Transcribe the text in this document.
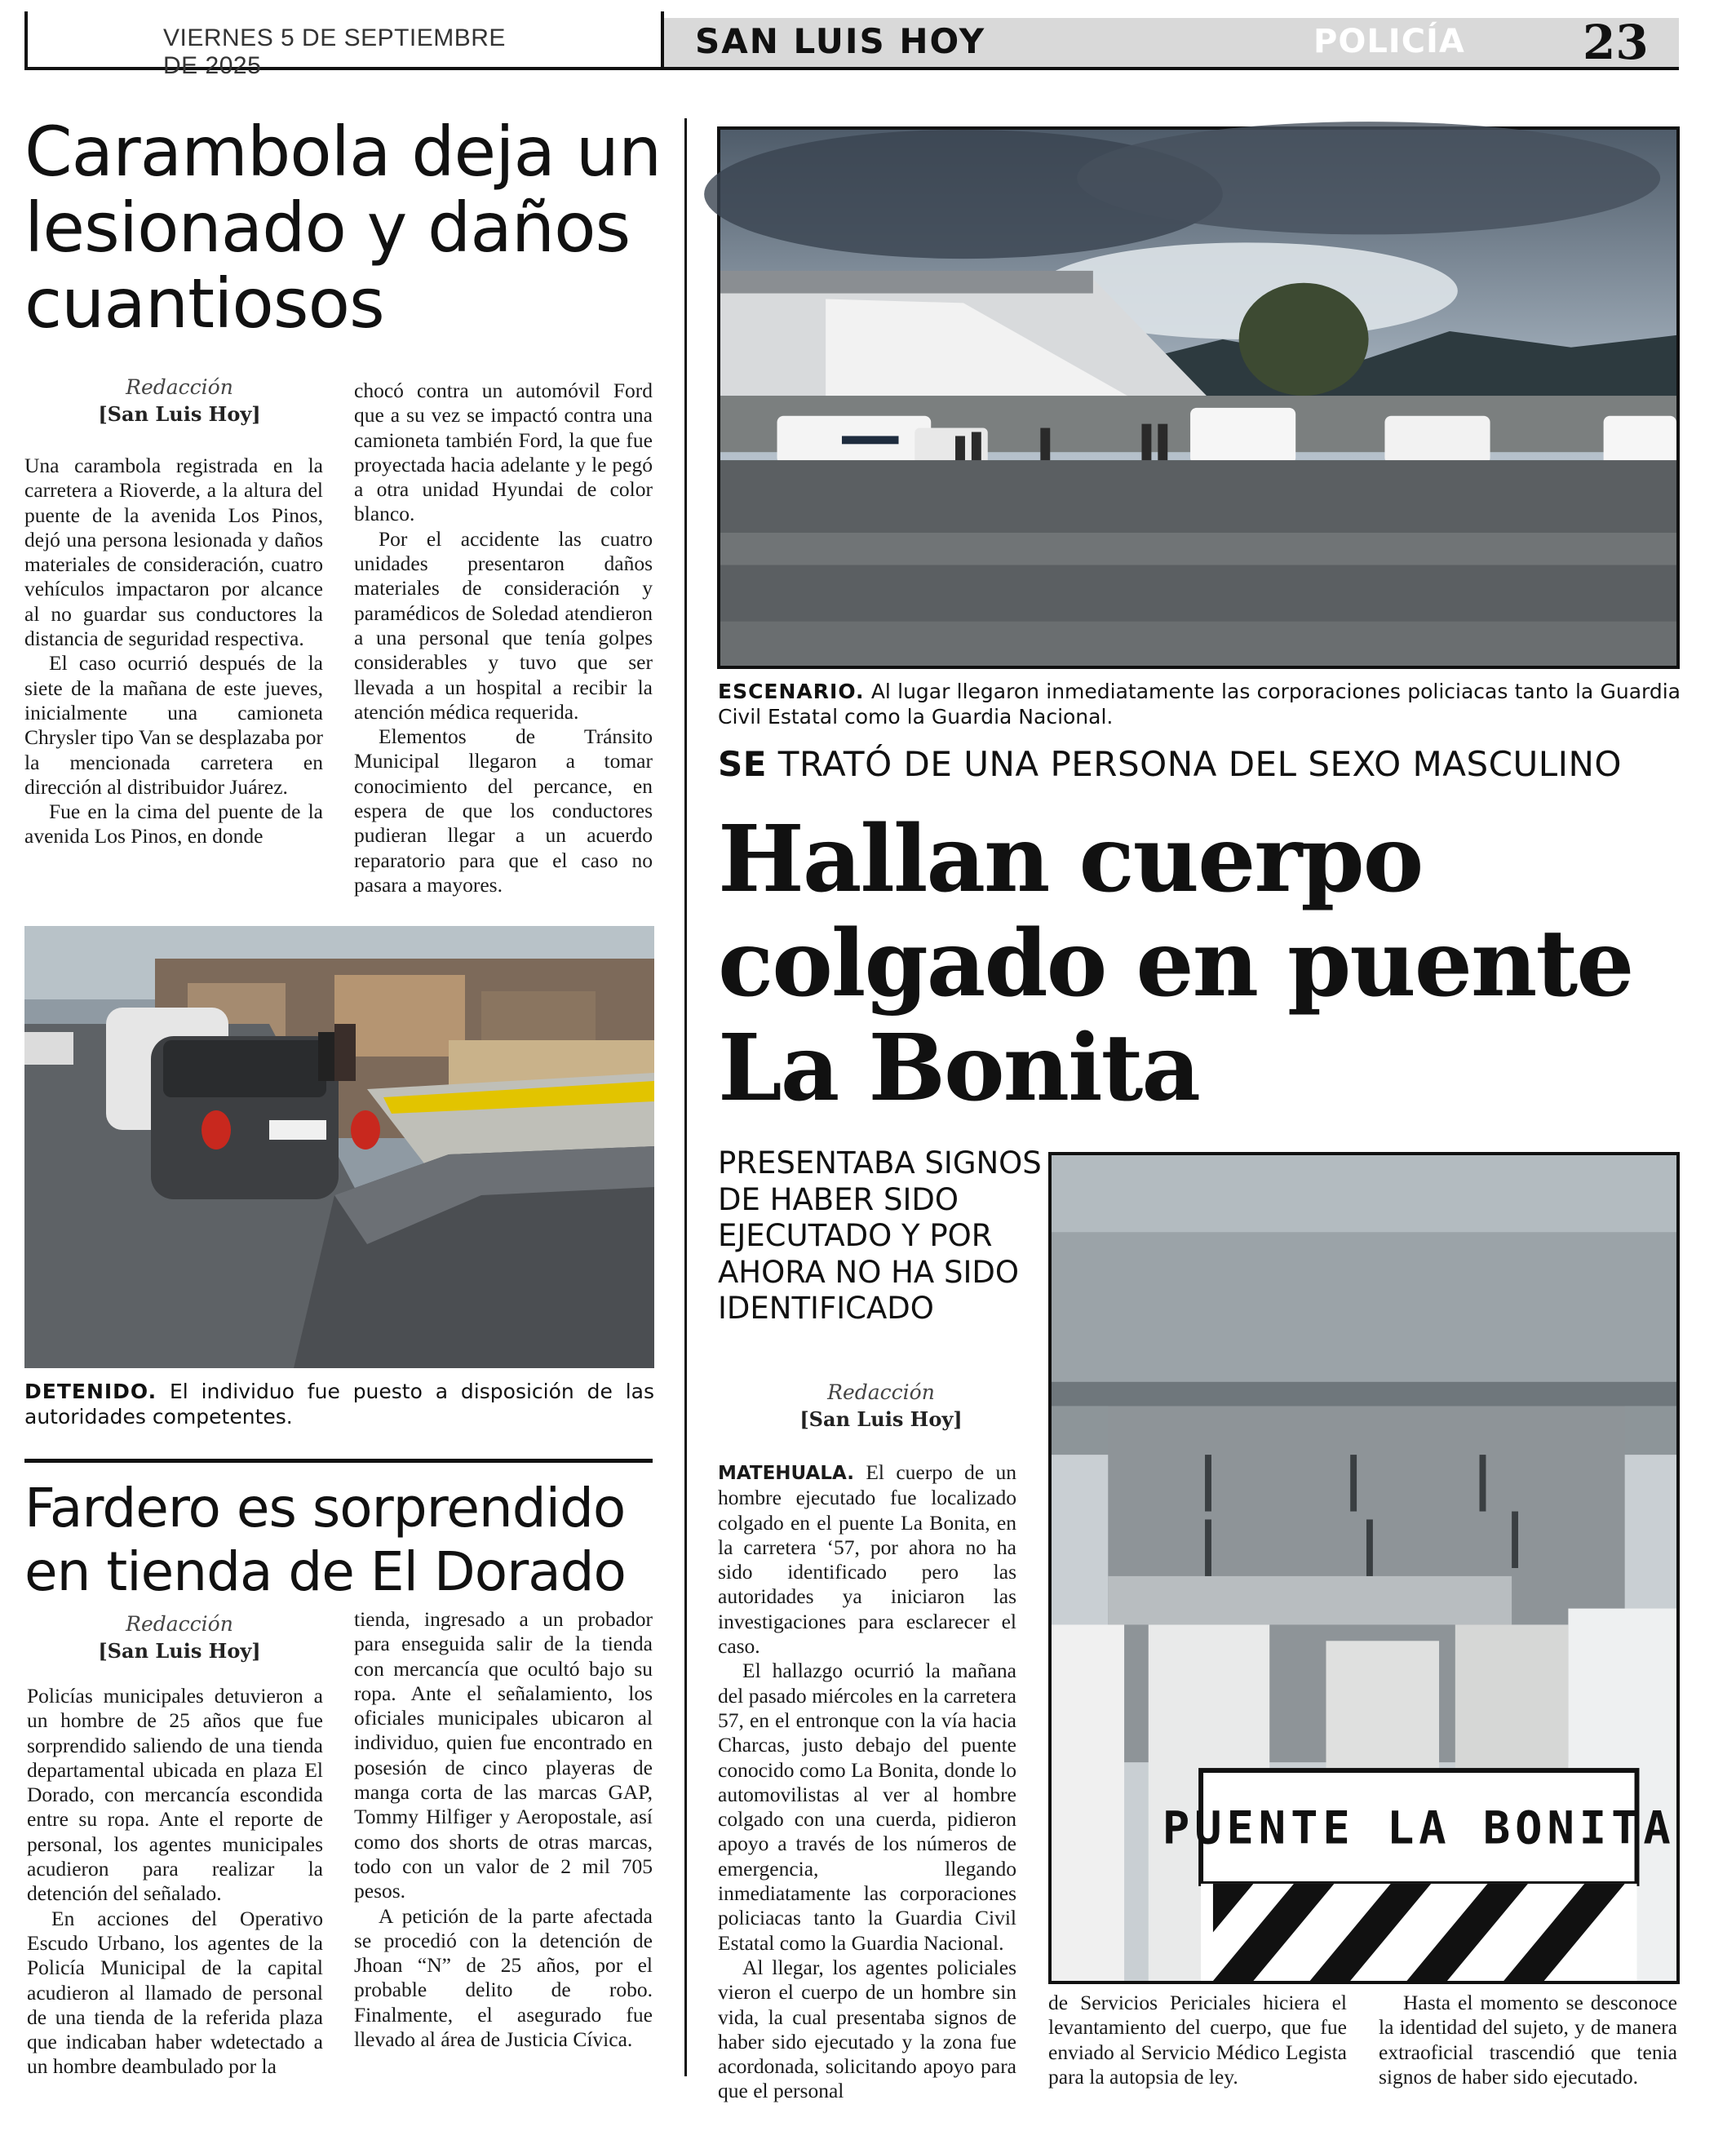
VIERNES 5 DE SEPTIEMBRE DE 2025
SAN LUIS HOY	POLICÍA 23
Carambola deja un lesionado y daños cuantiosos
Redacción
[San Luis Hoy]

Una carambola registrada en la carretera a Rioverde, a la altura del puente de la avenida Los Pinos, dejó una persona lesionada y daños materiales de consideración, cuatro vehículos impactaron por alcance al no guardar sus conductores la distancia de seguridad respectiva.

El caso ocurrió después de la siete de la mañana de este jueves, inicialmente una camioneta Chrysler tipo Van se desplazaba por la mencionada carretera en dirección al distribuidor Juárez.

Fue en la cima del puente de la avenida Los Pinos, en donde

chocó contra un automóvil Ford que a su vez se impactó contra una camioneta también Ford, la que fue proyectada hacia adelante y le pegó a otra unidad Hyundai de color blanco.

Por el accidente las cuatro unidades presentaron daños materiales de consideración y paramédicos de Soledad atendieron a una personal que tenía golpes considerables y tuvo que ser llevada a un hospital a recibir la atención médica requerida.

Elementos de Tránsito Municipal llegaron a tomar conocimiento del percance, en espera de que los conductores pudieran llegar a un acuerdo reparatorio para que el caso no pasara a mayores.

DETENIDO. El individuo fue puesto a disposición de las autoridades competentes.
Fardero es sorprendido en tienda de El Dorado
Redacción
[San Luis Hoy]

Policías municipales detuvieron a un hombre de 25 años que fue sorprendido saliendo de una tienda departamental ubicada en plaza El Dorado, con mercancía escondida entre su ropa. Ante el reporte de personal, los agentes municipales acudieron para realizar la detención del señalado.

En acciones del Operativo Escudo Urbano, los agentes de la Policía Municipal de la capital acudieron al llamado de personal de una tienda de la referida plaza que indicaban haber wdetectado a un hombre deambulado por la

tienda, ingresado a un probador para enseguida salir de la tienda con mercancía que ocultó bajo su ropa. Ante el señalamiento, los oficiales municipales ubicaron al individuo, quien fue encontrado en posesión de cinco playeras de manga corta de las marcas GAP, Tommy Hilfiger y Aeropostale, así como dos shorts de otras marcas, todo con un valor de 2 mil 705 pesos.

A petición de la parte afectada se procedió con la detención de Jhoan “N” de 25 años, por el probable delito de robo. Finalmente, el asegurado fue llevado al área de Justicia Cívica.

ESCENARIO. Al lugar llegaron inmediatamente las corporaciones policiacas tanto la Guardia Civil Estatal como la Guardia Nacional.
SE TRATÓ DE UNA PERSONA DEL SEXO MASCULINO
Hallan cuerpo colgado en puente La Bonita
PRESENTABA SIGNOS DE HABER SIDO EJECUTADO Y POR AHORA NO HA SIDO IDENTIFICADO
Redacción
[San Luis Hoy]
PUENTE LA BONITA

MATEHUALA. El cuerpo de un hombre ejecutado fue localizado colgado en el puente La Bonita, en la carretera ‘57, por ahora no ha sido identificado pero las autoridades ya iniciaron las investigaciones para esclarecer el caso.

El hallazgo ocurrió la mañana del pasado miércoles en la carretera 57, en el entronque con la vía hacia Charcas, justo debajo del puente conocido como La Bonita, donde lo automovilistas al ver al hombre colgado con una cuerda, pidieron apoyo a través de los números de emergencia, llegando inmediatamente las corporaciones policiacas tanto la Guardia Civil Estatal como la Guardia Nacional.

Al llegar, los agentes policiales vieron el cuerpo de un hombre sin vida, la cual presentaba signos de haber sido ejecutado y la zona fue acordonada, solicitando apoyo para que el personal

de Servicios Periciales hiciera el levantamiento del cuerpo, que fue enviado al Servicio Médico Legista para la autopsia de ley.

Hasta el momento se desconoce la identidad del sujeto, y de manera extraoficial trascendió que tenia signos de haber sido ejecutado.
